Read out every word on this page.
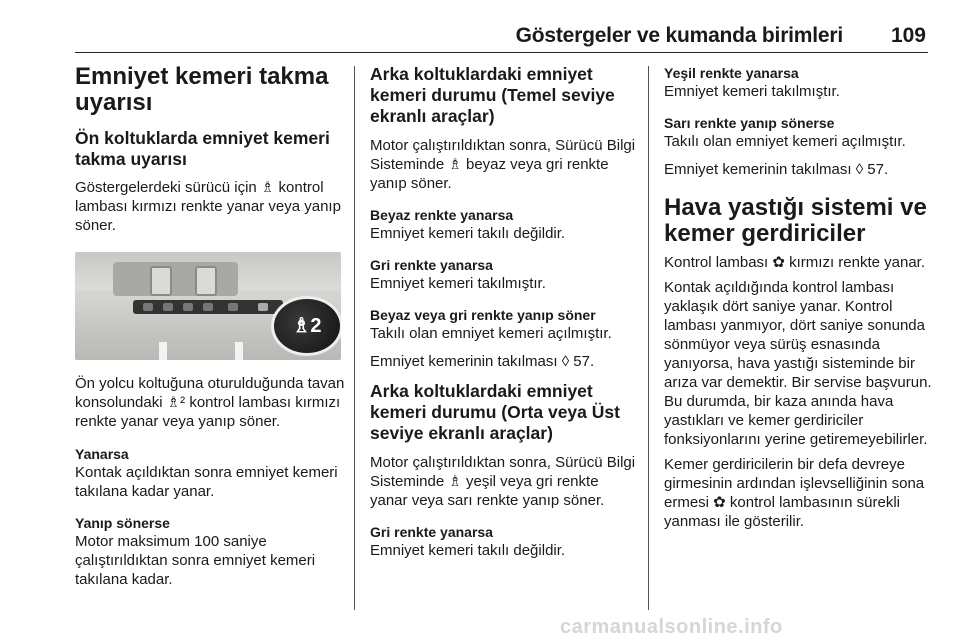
Göstergeler ve kumanda birimleri 109
Emniyet kemeri takma uyarısı
Ön koltuklarda emniyet kemeri takma uyarısı

Göstergelerdeki sürücü için ♗ kontrol lambası kırmızı renkte yanar veya yanıp söner.

♗2

Ön yolcu koltuğuna oturulduğunda tavan konsolundaki ♗² kontrol lambası kırmızı renkte yanar veya yanıp söner.

Yanarsa

Kontak açıldıktan sonra emniyet kemeri takılana kadar yanar.

Yanıp sönerse

Motor maksimum 100 saniye çalıştırıldıktan sonra emniyet kemeri takılana kadar.

Arka koltuklardaki emniyet kemeri durumu (Temel seviye ekranlı araçlar)

Motor çalıştırıldıktan sonra, Sürücü Bilgi Sisteminde ♗ beyaz veya gri renkte yanıp söner.

Beyaz renkte yanarsa

Emniyet kemeri takılı değildir.

Gri renkte yanarsa

Emniyet kemeri takılmıştır.

Beyaz veya gri renkte yanıp söner

Takılı olan emniyet kemeri açılmıştır.

Emniyet kemerinin takılması ◊ 57.

Arka koltuklardaki emniyet kemeri durumu (Orta veya Üst seviye ekranlı araçlar)

Motor çalıştırıldıktan sonra, Sürücü Bilgi Sisteminde ♗ yeşil veya gri renkte yanar veya sarı renkte yanıp söner.

Gri renkte yanarsa

Emniyet kemeri takılı değildir.

Yeşil renkte yanarsa

Emniyet kemeri takılmıştır.

Sarı renkte yanıp sönerse

Takılı olan emniyet kemeri açılmıştır.

Emniyet kemerinin takılması ◊ 57.

Hava yastığı sistemi ve kemer gerdiriciler

Kontrol lambası ✿ kırmızı renkte yanar.

Kontak açıldığında kontrol lambası yaklaşık dört saniye yanar. Kontrol lambası yanmıyor, dört saniye sonunda sönmüyor veya sürüş esnasında yanıyorsa, hava yastığı sisteminde bir arıza var demektir. Bir servise başvurun. Bu durumda, bir kaza anında hava yastıkları ve kemer gerdiriciler fonksiyonlarını yerine getiremeyebilirler.

Kemer gerdiricilerin bir defa devreye girmesinin ardından işlevselliğinin sona ermesi ✿ kontrol lambasının sürekli yanması ile gösterilir.

carmanualsonline.info
